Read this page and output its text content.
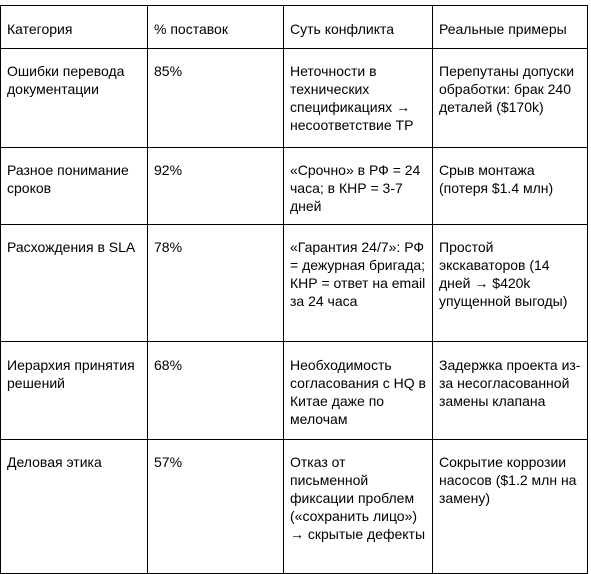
Категория	% поставок	Суть конфликта	Реальные примеры
Ошибки перевода документации	85%	Неточности в технических спецификациях → несоответствие ТР	Перепутаны допуски обработки: брак 240 деталей ($170k)
Разное понимание сроков	92%	«Срочно» в РФ = 24 часа; в КНР = 3-7 дней	Срыв монтажа (потеря $1.4 млн)
Расхождения в SLA	78%	«Гарантия 24/7»: РФ = дежурная бригада; КНР = ответ на email за 24 часа	Простой экскаваторов (14 дней → $420k упущенной выгоды)
Иерархия принятия решений	68%	Необходимость согласования с HQ в Китае даже по мелочам	Задержка проекта из-за несогласованной замены клапана
Деловая этика	57%	Отказ от письменной фиксации проблем («сохранить лицо») → скрытые дефекты	Сокрытие коррозии насосов ($1.2 млн на замену)
